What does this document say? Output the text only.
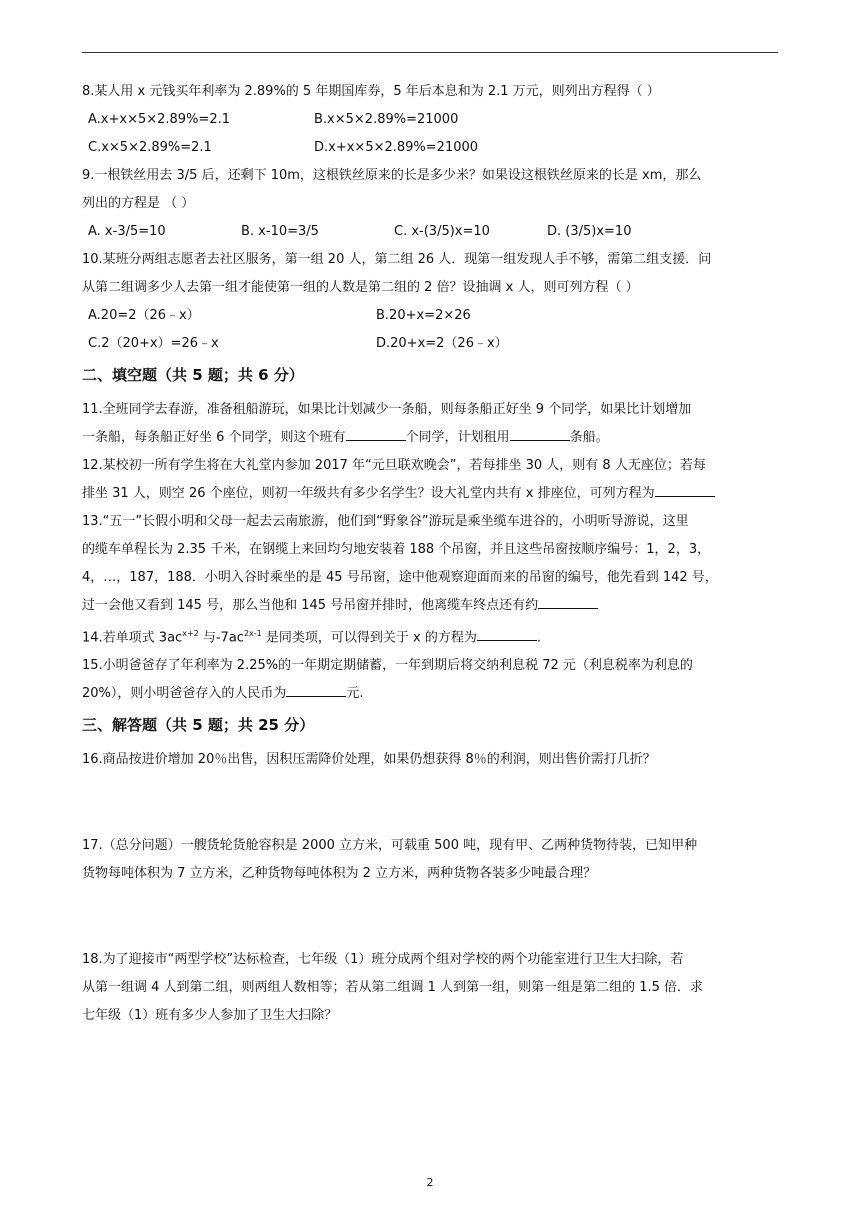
8.某人用 x 元钱买年利率为 2.89%的 5 年期国库券，5 年后本息和为 2.1 万元，则列出方程得（ ）

A.x+x×5×2.89%=2.1	B.x×5×2.89%=21000
C.x×5×2.89%=2.1	D.x+x×5×2.89%=21000

9.一根铁丝用去 3/5 后，还剩下 10m，这根铁丝原来的长是多少米？如果设这根铁丝原来的长是 xm，那么

列出的方程是 （ ）

A. x-3/5=10	B. x-10=3/5	C. x-(3/5)x=10	D. (3/5)x=10

10.某班分两组志愿者去社区服务，第一组 20 人，第二组 26 人．现第一组发现人手不够，需第二组支援．问

从第二组调多少人去第一组才能使第一组的人数是第二组的 2 倍？设抽调 x 人，则可列方程（ ）

A.20=2（26﹣x）	B.20+x=2×26
C.2（20+x）=26﹣x	D.20+x=2（26﹣x）
二、填空题（共 5 题；共 6 分）

11.全班同学去春游，准备租船游玩，如果比计划减少一条船，则每条船正好坐 9 个同学，如果比计划增加

一条船，每条船正好坐 6 个同学，则这个班有	个同学，计划租用	条船。

12.某校初一所有学生将在大礼堂内参加 2017 年“元旦联欢晚会”，若每排坐 30 人，则有 8 人无座位；若每

排坐 31 人，则空 26 个座位，则初一年级共有多少名学生？设大礼堂内共有 x 排座位，可列方程为

13.“五一”长假小明和父母一起去云南旅游，他们到“野象谷”游玩是乘坐缆车进谷的，小明听导游说，这里

的缆车单程长为 2.35 千米，在钢缆上来回均匀地安装着 188 个吊窗，并且这些吊窗按顺序编号：1，2，3，

4，…，187，188．小明入谷时乘坐的是 45 号吊窗，途中他观察迎面而来的吊窗的编号，他先看到 142 号，

过一会他又看到 145 号，那么当他和 145 号吊窗并排时，他离缆车终点还有约

14.若单项式 $3ac^{x+2}$ 与$-7ac^{2x-1}$ 是同类项，可以得到关于 x 的方程为	.

15.小明爸爸存了年利率为 2.25%的一年期定期储蓄，一年到期后将交纳利息税 72 元（利息税率为利息的

20%），则小明爸爸存入的人民币为	元.

三、解答题（共 5 题；共 25 分）

16.商品按进价增加 20％出售，因积压需降价处理，如果仍想获得 8％的利润，则出售价需打几折？

17.（总分问题）一艘货轮货舱容积是 2000 立方米，可载重 500 吨，现有甲、乙两种货物待装，已知甲种

货物每吨体积为 7 立方米，乙种货物每吨体积为 2 立方米，两种货物各装多少吨最合理？

18.为了迎接市“两型学校”达标检查，七年级（1）班分成两个组对学校的两个功能室进行卫生大扫除，若

从第一组调 4 人到第二组，则两组人数相等；若从第二组调 1 人到第一组，则第一组是第二组的 1.5 倍．求

七年级（1）班有多少人参加了卫生大扫除？

2
